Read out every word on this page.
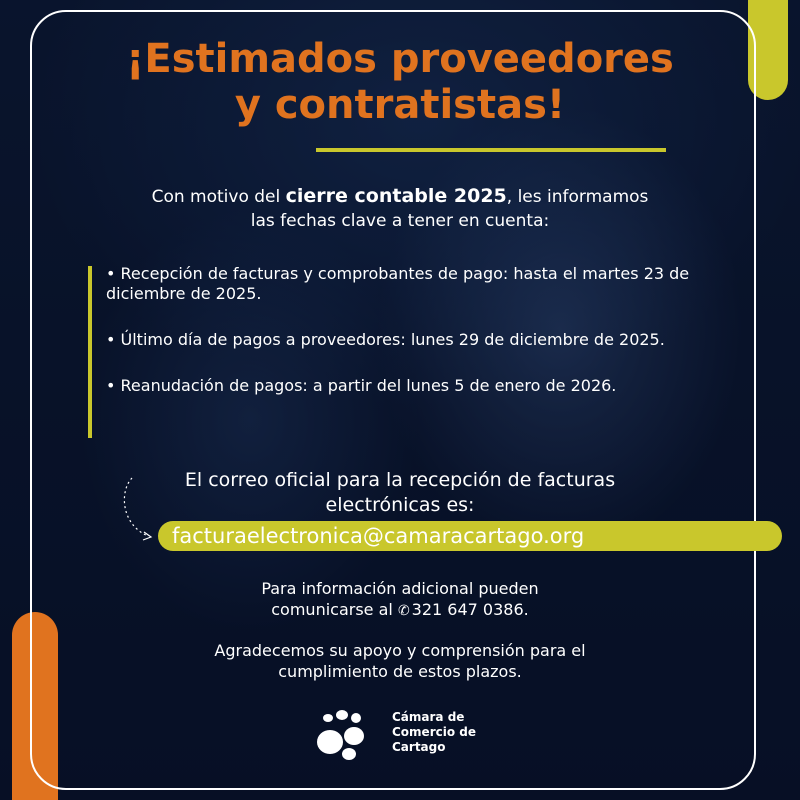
¡Estimados proveedores
y contratistas!
Con motivo del cierre contable 2025, les informamos
las fechas clave a tener en cuenta:
• Recepción de facturas y comprobantes de pago: hasta el martes 23 de diciembre de 2025.
• Último día de pagos a proveedores: lunes 29 de diciembre de 2025.
• Reanudación de pagos: a partir del lunes 5 de enero de 2026.
El correo oficial para la recepción de facturas
electrónicas es:
facturaelectronica@camaracartago.org
Para información adicional pueden
comunicarse al ✆ 321 647 0386.
Agradecemos su apoyo y comprensión para el
cumplimiento de estos plazos.
Cámara de
Comercio de
Cartago
